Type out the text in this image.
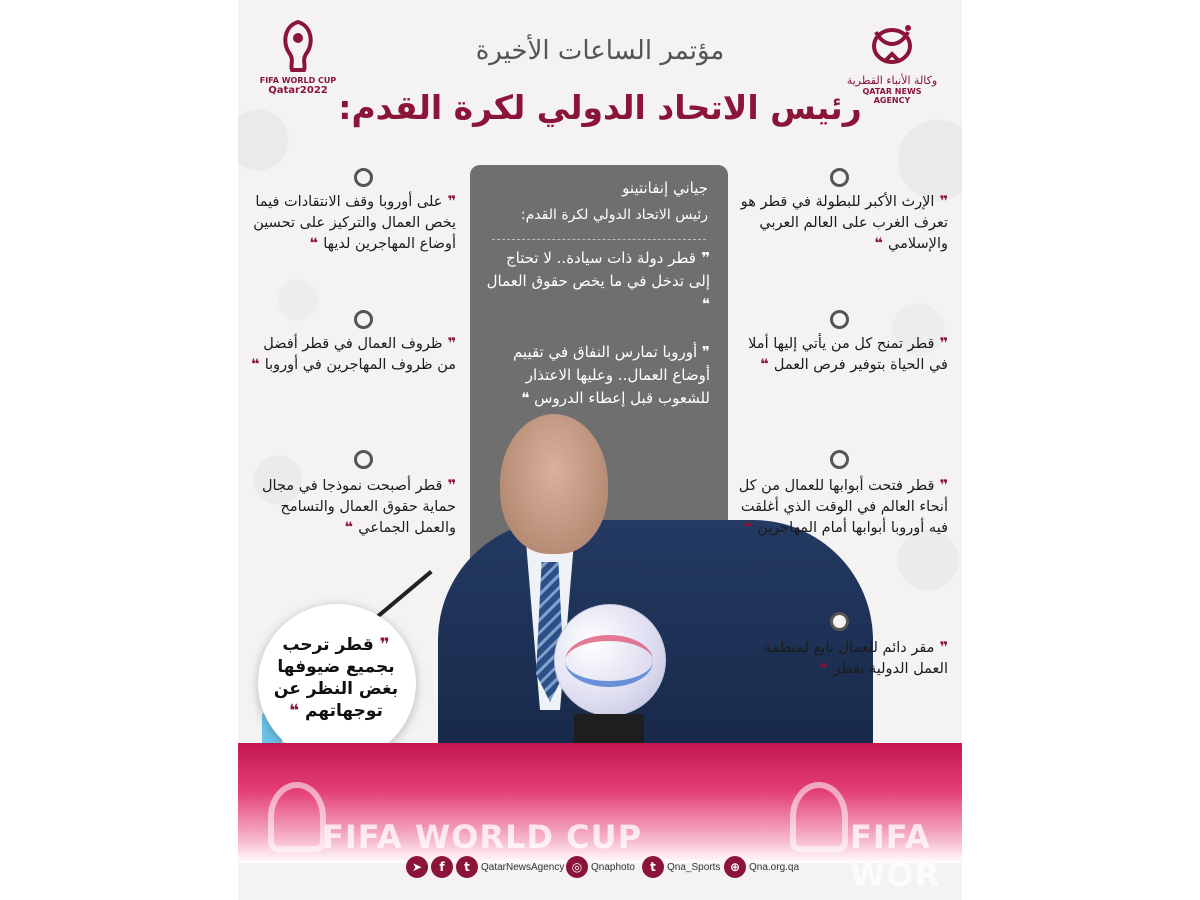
FIFA WORLD CUP
Qatar2022
وكالة الأنباء القطرية
QATAR NEWS AGENCY
مؤتمر الساعات الأخيرة
رئيس الاتحاد الدولي لكرة القدم:
جياني إنفانتينو
رئيس الاتحاد الدولي لكرة القدم:
❞ قطر دولة ذات سيادة.. لا تحتاج إلى تدخل في ما يخص حقوق العمال ❝
❞ أوروبا تمارس النفاق في تقييم أوضاع العمال.. وعليها الاعتذار للشعوب قبل إعطاء الدروس ❝
❞ على أوروبا وقف الانتقادات فيما يخص العمال والتركيز على تحسين أوضاع المهاجرين لديها ❝
❞ ظروف العمال في قطر أفضل من ظروف المهاجرين في أوروبا ❝
❞ قطر أصبحت نموذجا في مجال حماية حقوق العمال والتسامح والعمل الجماعي ❝
❞ الإرث الأكبر للبطولة في قطر هو تعرف الغرب على العالم العربي والإسلامي ❝
❞ قطر تمنح كل من يأتي إليها أملا في الحياة بتوفير فرص العمل ❝
❞ قطر فتحت أبوابها للعمال من كل أنحاء العالم في الوقت الذي أغلقت فيه أوروبا أبوابها أمام المهاجرين ❝
❞ مقر دائم للعمال تابع لمنظمة العمل الدولية بقطر ❝
❞ قطر ترحب بجميع ضيوفها بغض النظر عن توجهاتهم ❝
FIFA WORLD CUP	FIFA WOR
➤	f	t	QatarNewsAgency ◎ Qnaphoto	t	Qna_Sports ⊕ Qna.org.qa
